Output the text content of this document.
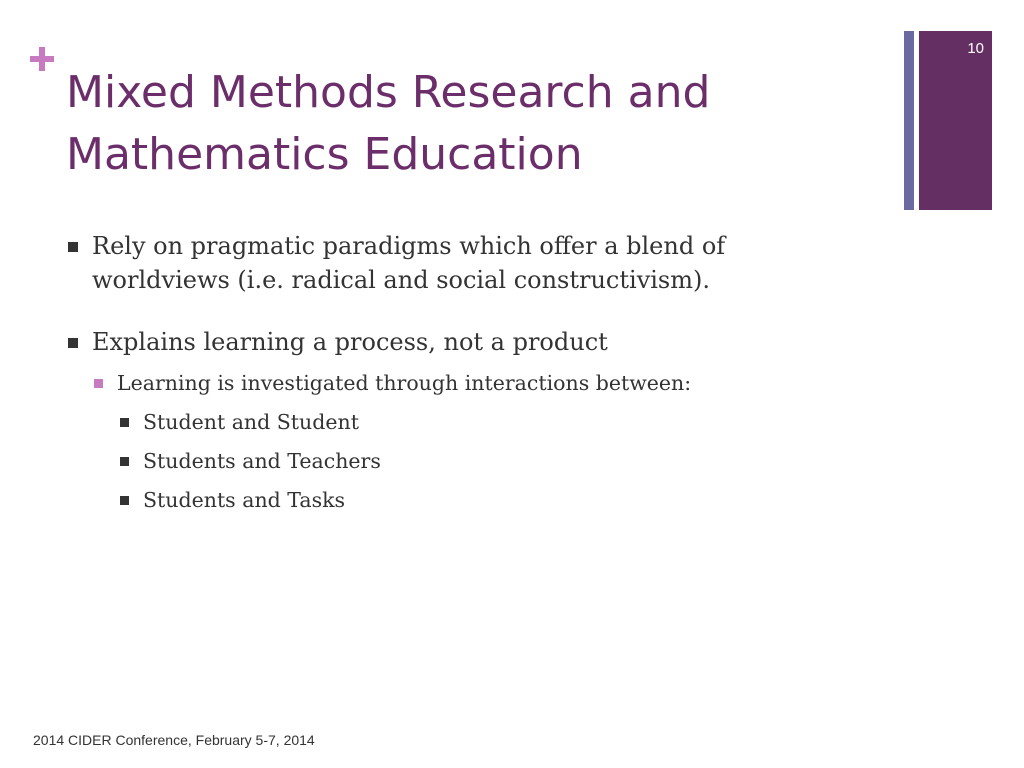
Mixed Methods Research and Mathematics Education
10
Rely on pragmatic paradigms which offer a blend of worldviews (i.e. radical and social constructivism).
Explains learning a process, not a product
Learning is investigated through interactions between:
Student and Student
Students and Teachers
Students and Tasks
2014 CIDER Conference, February 5-7, 2014
